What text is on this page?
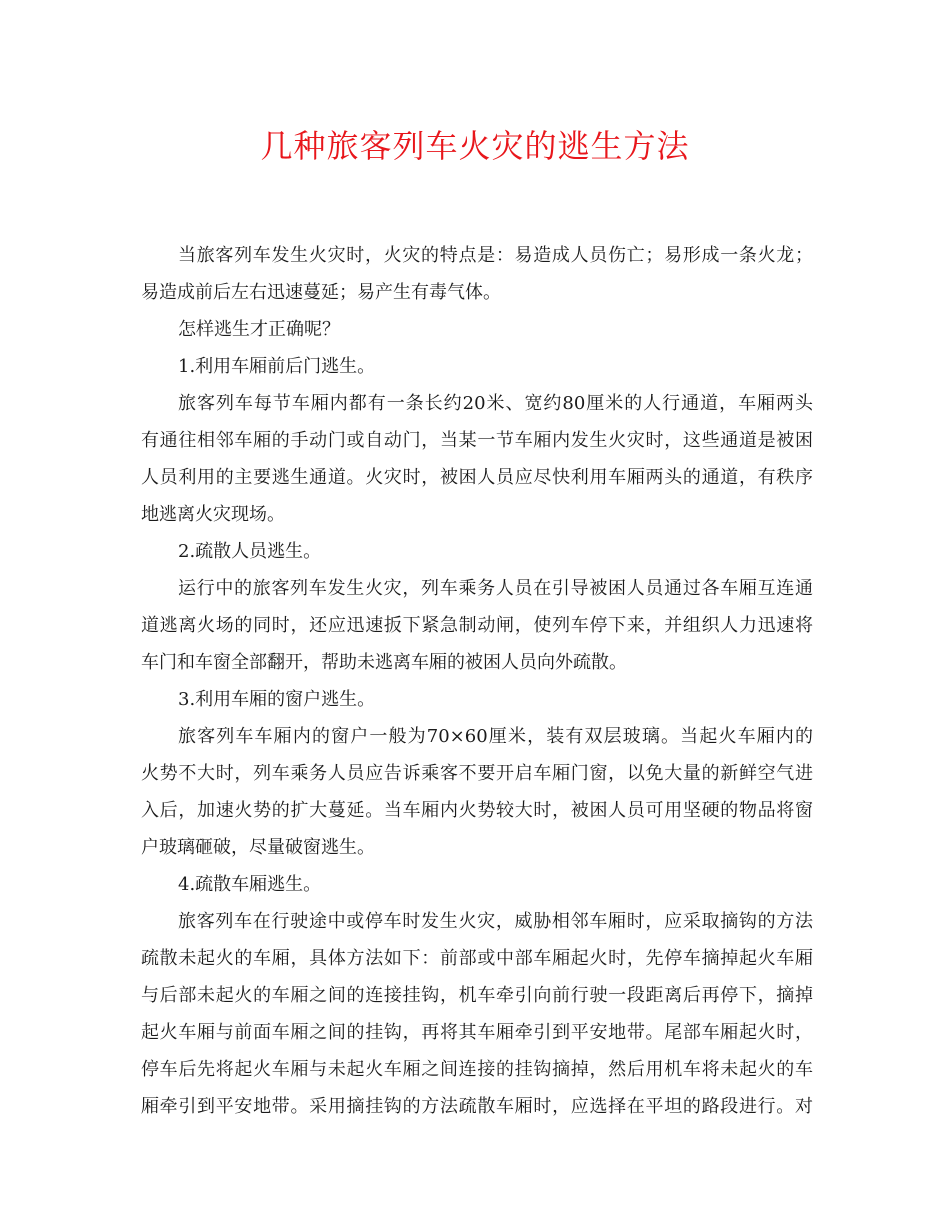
几种旅客列车火灾的逃生方法
当旅客列车发生火灾时，火灾的特点是：易造成人员伤亡；易形成一条火龙；
易造成前后左右迅速蔓延；易产生有毒气体。
怎样逃生才正确呢？
1.利用车厢前后门逃生。
旅客列车每节车厢内都有一条长约20米、宽约80厘米的人行通道，车厢两头
有通往相邻车厢的手动门或自动门，当某一节车厢内发生火灾时，这些通道是被困
人员利用的主要逃生通道。火灾时，被困人员应尽快利用车厢两头的通道，有秩序
地逃离火灾现场。
2.疏散人员逃生。
运行中的旅客列车发生火灾，列车乘务人员在引导被困人员通过各车厢互连通
道逃离火场的同时，还应迅速扳下紧急制动闸，使列车停下来，并组织人力迅速将
车门和车窗全部翻开，帮助未逃离车厢的被困人员向外疏散。
3.利用车厢的窗户逃生。
旅客列车车厢内的窗户一般为70×60厘米，装有双层玻璃。当起火车厢内的
火势不大时，列车乘务人员应告诉乘客不要开启车厢门窗，以免大量的新鲜空气进
入后，加速火势的扩大蔓延。当车厢内火势较大时，被困人员可用坚硬的物品将窗
户玻璃砸破，尽量破窗逃生。
4.疏散车厢逃生。
旅客列车在行驶途中或停车时发生火灾，威胁相邻车厢时，应采取摘钩的方法
疏散未起火的车厢，具体方法如下：前部或中部车厢起火时，先停车摘掉起火车厢
与后部未起火的车厢之间的连接挂钩，机车牵引向前行驶一段距离后再停下，摘掉
起火车厢与前面车厢之间的挂钩，再将其车厢牵引到平安地带。尾部车厢起火时，
停车后先将起火车厢与未起火车厢之间连接的挂钩摘掉，然后用机车将未起火的车
厢牵引到平安地带。采用摘挂钩的方法疏散车厢时，应选择在平坦的路段进行。对
